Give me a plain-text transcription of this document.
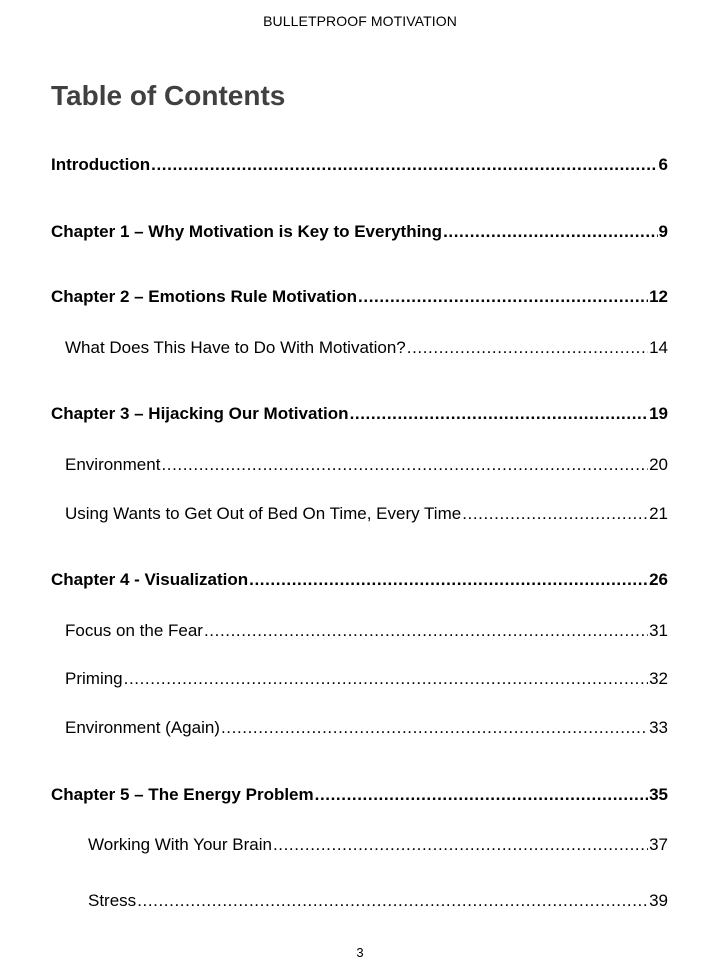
BULLETPROOF MOTIVATION
Table of Contents
Introduction .....	6
Chapter 1 – Why Motivation is Key to Everything .....	9
Chapter 2 – Emotions Rule Motivation .....	12
What Does This Have to Do With Motivation? .....	14
Chapter 3 – Hijacking Our Motivation .....	19
Environment .....	20
Using Wants to Get Out of Bed On Time, Every Time .....	21
Chapter 4 - Visualization .....	26
Focus on the Fear .....	31
Priming .....	32
Environment (Again) .....	33
Chapter 5 – The Energy Problem .....	35
Working With Your Brain .....	37
Stress .....	39
3
